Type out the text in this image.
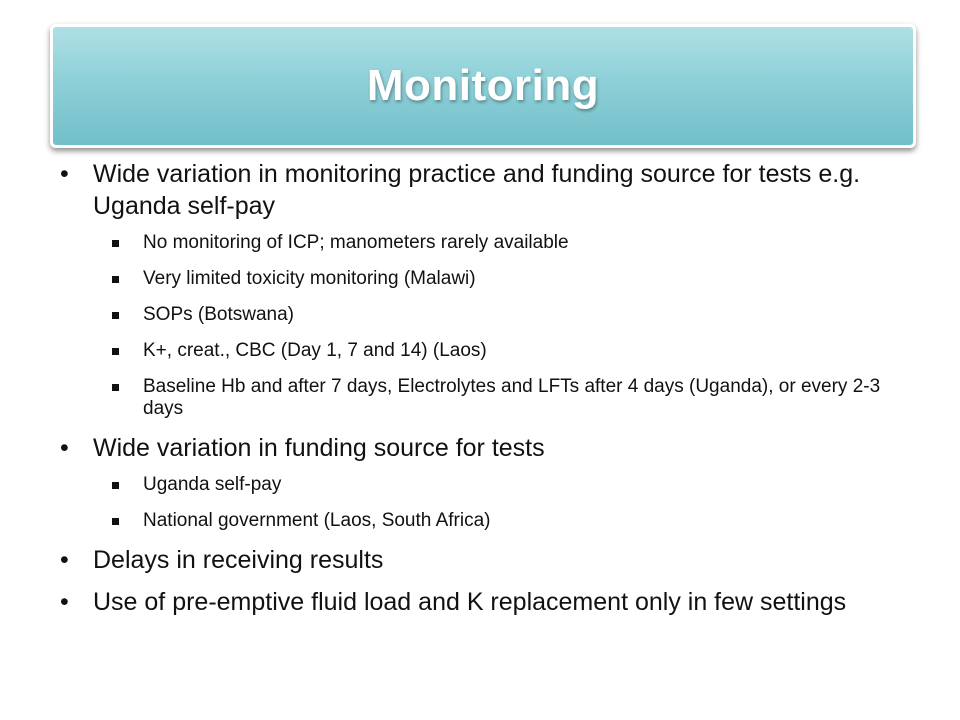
Monitoring
• Wide variation in monitoring practice and funding source for tests e.g. Uganda self-pay
No monitoring of ICP; manometers rarely available
Very limited toxicity monitoring (Malawi)
SOPs (Botswana)
K+, creat., CBC (Day 1, 7 and 14) (Laos)
Baseline Hb and after 7 days, Electrolytes and LFTs after 4 days (Uganda), or every 2-3 days
• Wide variation in funding source for tests
Uganda self-pay
National government (Laos, South Africa)
• Delays in receiving results
• Use of pre-emptive fluid load and K replacement only in few settings
